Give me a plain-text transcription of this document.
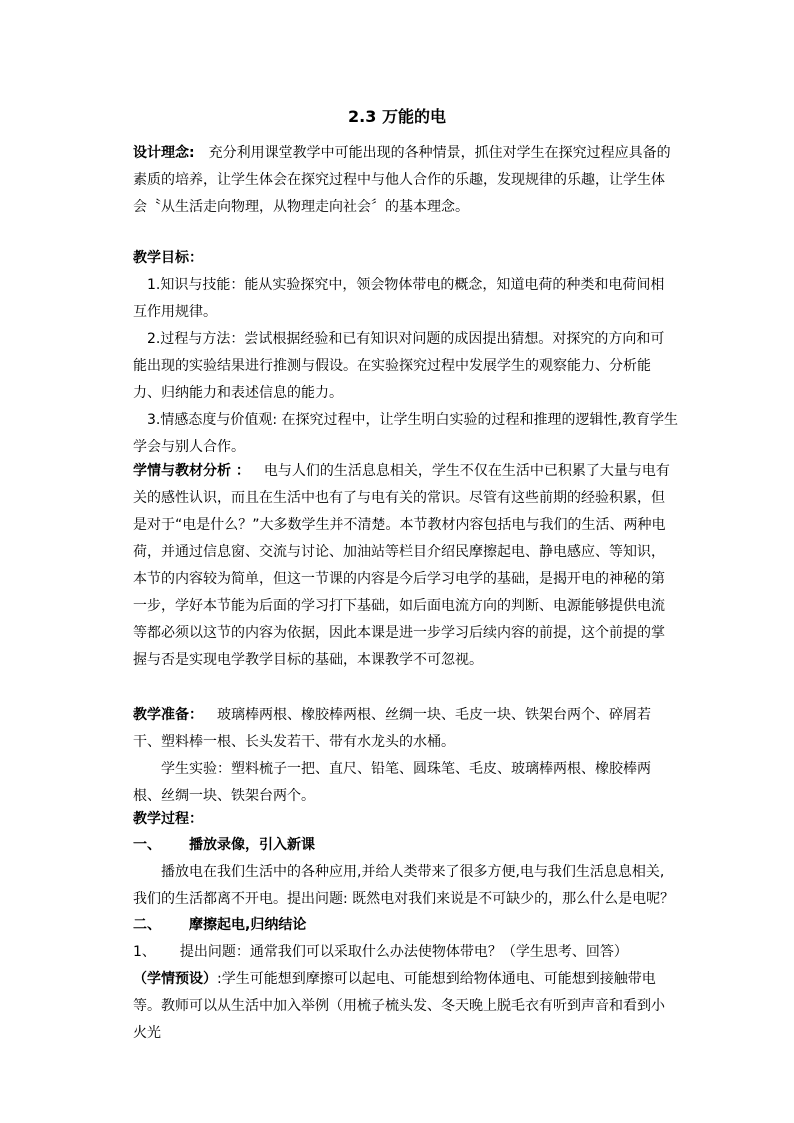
2.3 万能的电

设计理念: 充分利用课堂教学中可能出现的各种情景，抓住对学生在探究过程应具备的素质的培养，让学生体会在探究过程中与他人合作的乐趣，发现规律的乐趣，让学生体会〝从生活走向物理，从物理走向社会〞的基本理念。

教学目标：

1.知识与技能：能从实验探究中，领会物体带电的概念，知道电荷的种类和电荷间相互作用规律。

2.过程与方法：尝试根据经验和已有知识对问题的成因提出猜想。对探究的方向和可能出现的实验结果进行推测与假设。在实验探究过程中发展学生的观察能力、分析能力、归纳能力和表述信息的能力。

3.情感态度与价值观: 在探究过程中，让学生明白实验的过程和推理的逻辑性,教育学生学会与别人合作。

学情与教材分析 ： 电与人们的生活息息相关，学生不仅在生活中已积累了大量与电有关的感性认识，而且在生活中也有了与电有关的常识。尽管有这些前期的经验积累，但是对于“电是什么？”大多数学生并不清楚。本节教材内容包括电与我们的生活、两种电荷，并通过信息窗、交流与讨论、加油站等栏目介绍民摩擦起电、静电感应、等知识，本节的内容较为简单，但这一节课的内容是今后学习电学的基础，是揭开电的神秘的第一步，学好本节能为后面的学习打下基础，如后面电流方向的判断、电源能够提供电流等都必须以这节的内容为依据，因此本课是进一步学习后续内容的前提，这个前提的掌握与否是实现电学教学目标的基础，本课教学不可忽视。

教学准备： 玻璃棒两根、橡胶棒两根、丝绸一块、毛皮一块、铁架台两个、碎屑若干、塑料棒一根、长头发若干、带有水龙头的水桶。

学生实验：塑料梳子一把、直尺、铅笔、圆珠笔、毛皮、玻璃棒两根、橡胶棒两根、丝绸一块、铁架台两个。

教学过程：

一、 播放录像，引入新课

播放电在我们生活中的各种应用,并给人类带来了很多方便,电与我们生活息息相关,我们的生活都离不开电。提出问题: 既然电对我们来说是不可缺少的，那么什么是电呢？

二、 摩擦起电,归纳结论

1、 提出问题：通常我们可以采取什么办法使物体带电？（学生思考、回答）

（学情预设）:学生可能想到摩擦可以起电、可能想到给物体通电、可能想到接触带电等。教师可以从生活中加入举例（用梳子梳头发、冬天晚上脱毛衣有听到声音和看到小火光
